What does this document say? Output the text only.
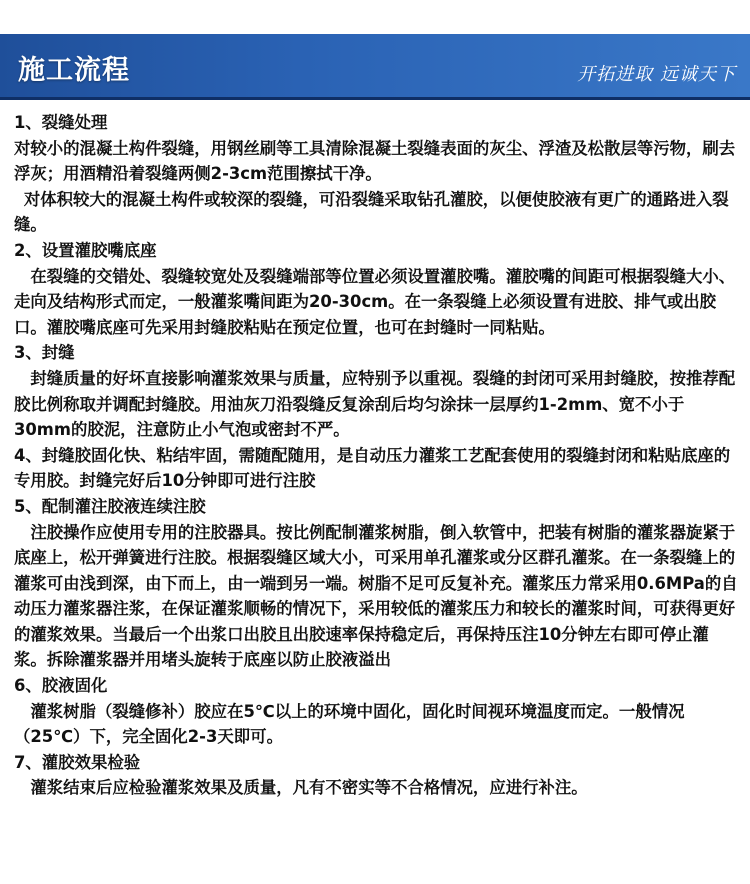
施工流程	开拓进取 远诚天下

1、裂缝处理

对较小的混凝土构件裂缝，用钢丝刷等工具清除混凝土裂缝表面的灰尘、浮渣及松散层等污物，刷去浮灰；用酒精沿着裂缝两侧2-3cm范围擦拭干净。

对体积较大的混凝土构件或较深的裂缝，可沿裂缝采取钻孔灌胶，以便使胶液有更广的通路进入裂缝。

2、设置灌胶嘴底座

在裂缝的交错处、裂缝较宽处及裂缝端部等位置必须设置灌胶嘴。灌胶嘴的间距可根据裂缝大小、走向及结构形式而定，一般灌浆嘴间距为20-30cm。在一条裂缝上必须设置有进胶、排气或出胶口。灌胶嘴底座可先采用封缝胶粘贴在预定位置，也可在封缝时一同粘贴。

3、封缝

封缝质量的好坏直接影响灌浆效果与质量，应特别予以重视。裂缝的封闭可采用封缝胶，按推荐配胶比例称取并调配封缝胶。用油灰刀沿裂缝反复涂刮后均匀涂抹一层厚约1-2mm、宽不小于30mm的胶泥，注意防止小气泡或密封不严。

4、封缝胶固化快、粘结牢固，需随配随用，是自动压力灌浆工艺配套使用的裂缝封闭和粘贴底座的专用胶。封缝完好后10分钟即可进行注胶

5、配制灌注胶液连续注胶

注胶操作应使用专用的注胶器具。按比例配制灌浆树脂，倒入软管中，把装有树脂的灌浆器旋紧于底座上，松开弹簧进行注胶。根据裂缝区域大小，可采用单孔灌浆或分区群孔灌浆。在一条裂缝上的灌浆可由浅到深，由下而上，由一端到另一端。树脂不足可反复补充。灌浆压力常采用0.6MPa的自动压力灌浆器注浆，在保证灌浆顺畅的情况下，采用较低的灌浆压力和较长的灌浆时间，可获得更好的灌浆效果。当最后一个出浆口出胶且出胶速率保持稳定后，再保持压注10分钟左右即可停止灌浆。拆除灌浆器并用堵头旋转于底座以防止胶液溢出

6、胶液固化

灌浆树脂（裂缝修补）胶应在5℃以上的环境中固化，固化时间视环境温度而定。一般情况（25℃）下，完全固化2-3天即可。

7、灌胶效果检验

灌浆结束后应检验灌浆效果及质量，凡有不密实等不合格情况，应进行补注。
